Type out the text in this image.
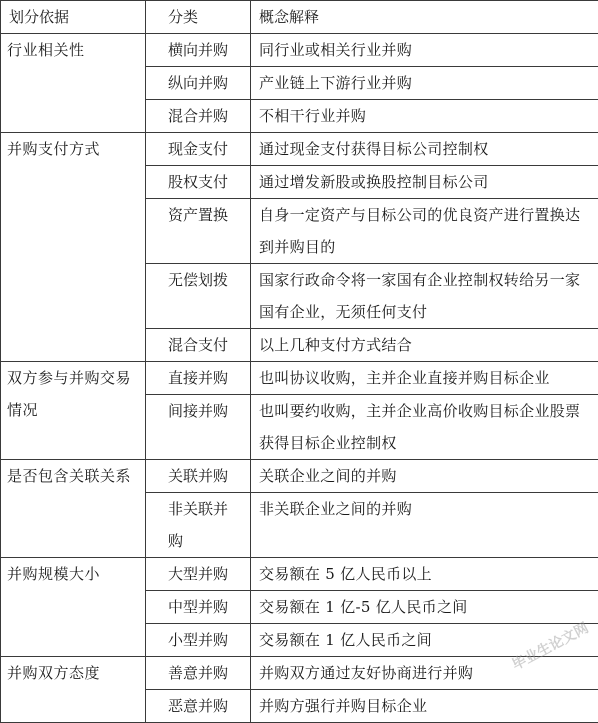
划分依据	分类	概念解释
行业相关性	横向并购	同行业或相关行业并购
	纵向并购	产业链上下游行业并购
	混合并购	不相干行业并购
并购支付方式	现金支付	通过现金支付获得目标公司控制权
	股权支付	通过增发新股或换股控制目标公司
	资产置换	自身一定资产与目标公司的优良资产进行置换达到并购目的
	无偿划拨	国家行政命令将一家国有企业控制权转给另一家国有企业，无须任何支付
	混合支付	以上几种支付方式结合
双方参与并购交易情况	直接并购	也叫协议收购，主并企业直接并购目标企业
	间接并购	也叫要约收购，主并企业高价收购目标企业股票获得目标企业控制权
是否包含关联关系	关联并购	关联企业之间的并购
	非关联并购	非关联企业之间的并购
并购规模大小	大型并购	交易额在 5 亿人民币以上
	中型并购	交易额在 1 亿-5 亿人民币之间
	小型并购	交易额在 1 亿人民币之间
并购双方态度	善意并购	并购双方通过友好协商进行并购
	恶意并购	并购方强行并购目标企业
毕业生论文网
